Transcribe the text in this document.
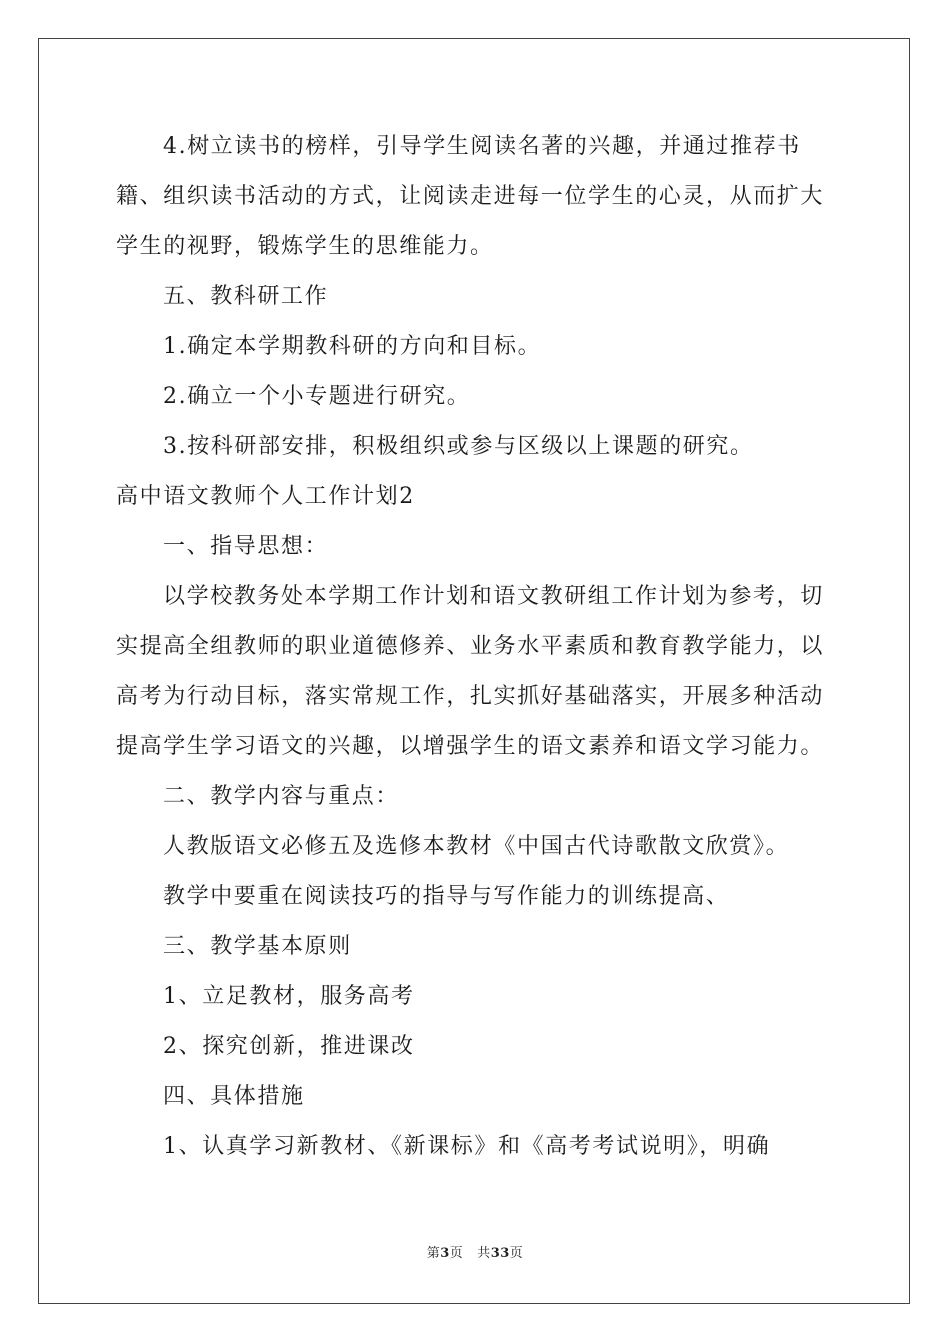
4.树立读书的榜样，引导学生阅读名著的兴趣，并通过推荐书籍、组织读书活动的方式，让阅读走进每一位学生的心灵，从而扩大学生的视野，锻炼学生的思维能力。

五、教科研工作

1.确定本学期教科研的方向和目标。

2.确立一个小专题进行研究。

3.按科研部安排，积极组织或参与区级以上课题的研究。

高中语文教师个人工作计划2

一、指导思想：

以学校教务处本学期工作计划和语文教研组工作计划为参考，切实提高全组教师的职业道德修养、业务水平素质和教育教学能力，以高考为行动目标，落实常规工作，扎实抓好基础落实，开展多种活动提高学生学习语文的兴趣，以增强学生的语文素养和语文学习能力。

二、教学内容与重点：

人教版语文必修五及选修本教材《中国古代诗歌散文欣赏》。

教学中要重在阅读技巧的指导与写作能力的训练提高、

三、教学基本原则

1、立足教材，服务高考

2、探究创新，推进课改

四、具体措施

1、认真学习新教材、《新课标》和《高考考试说明》，明确

第3页 共33页
